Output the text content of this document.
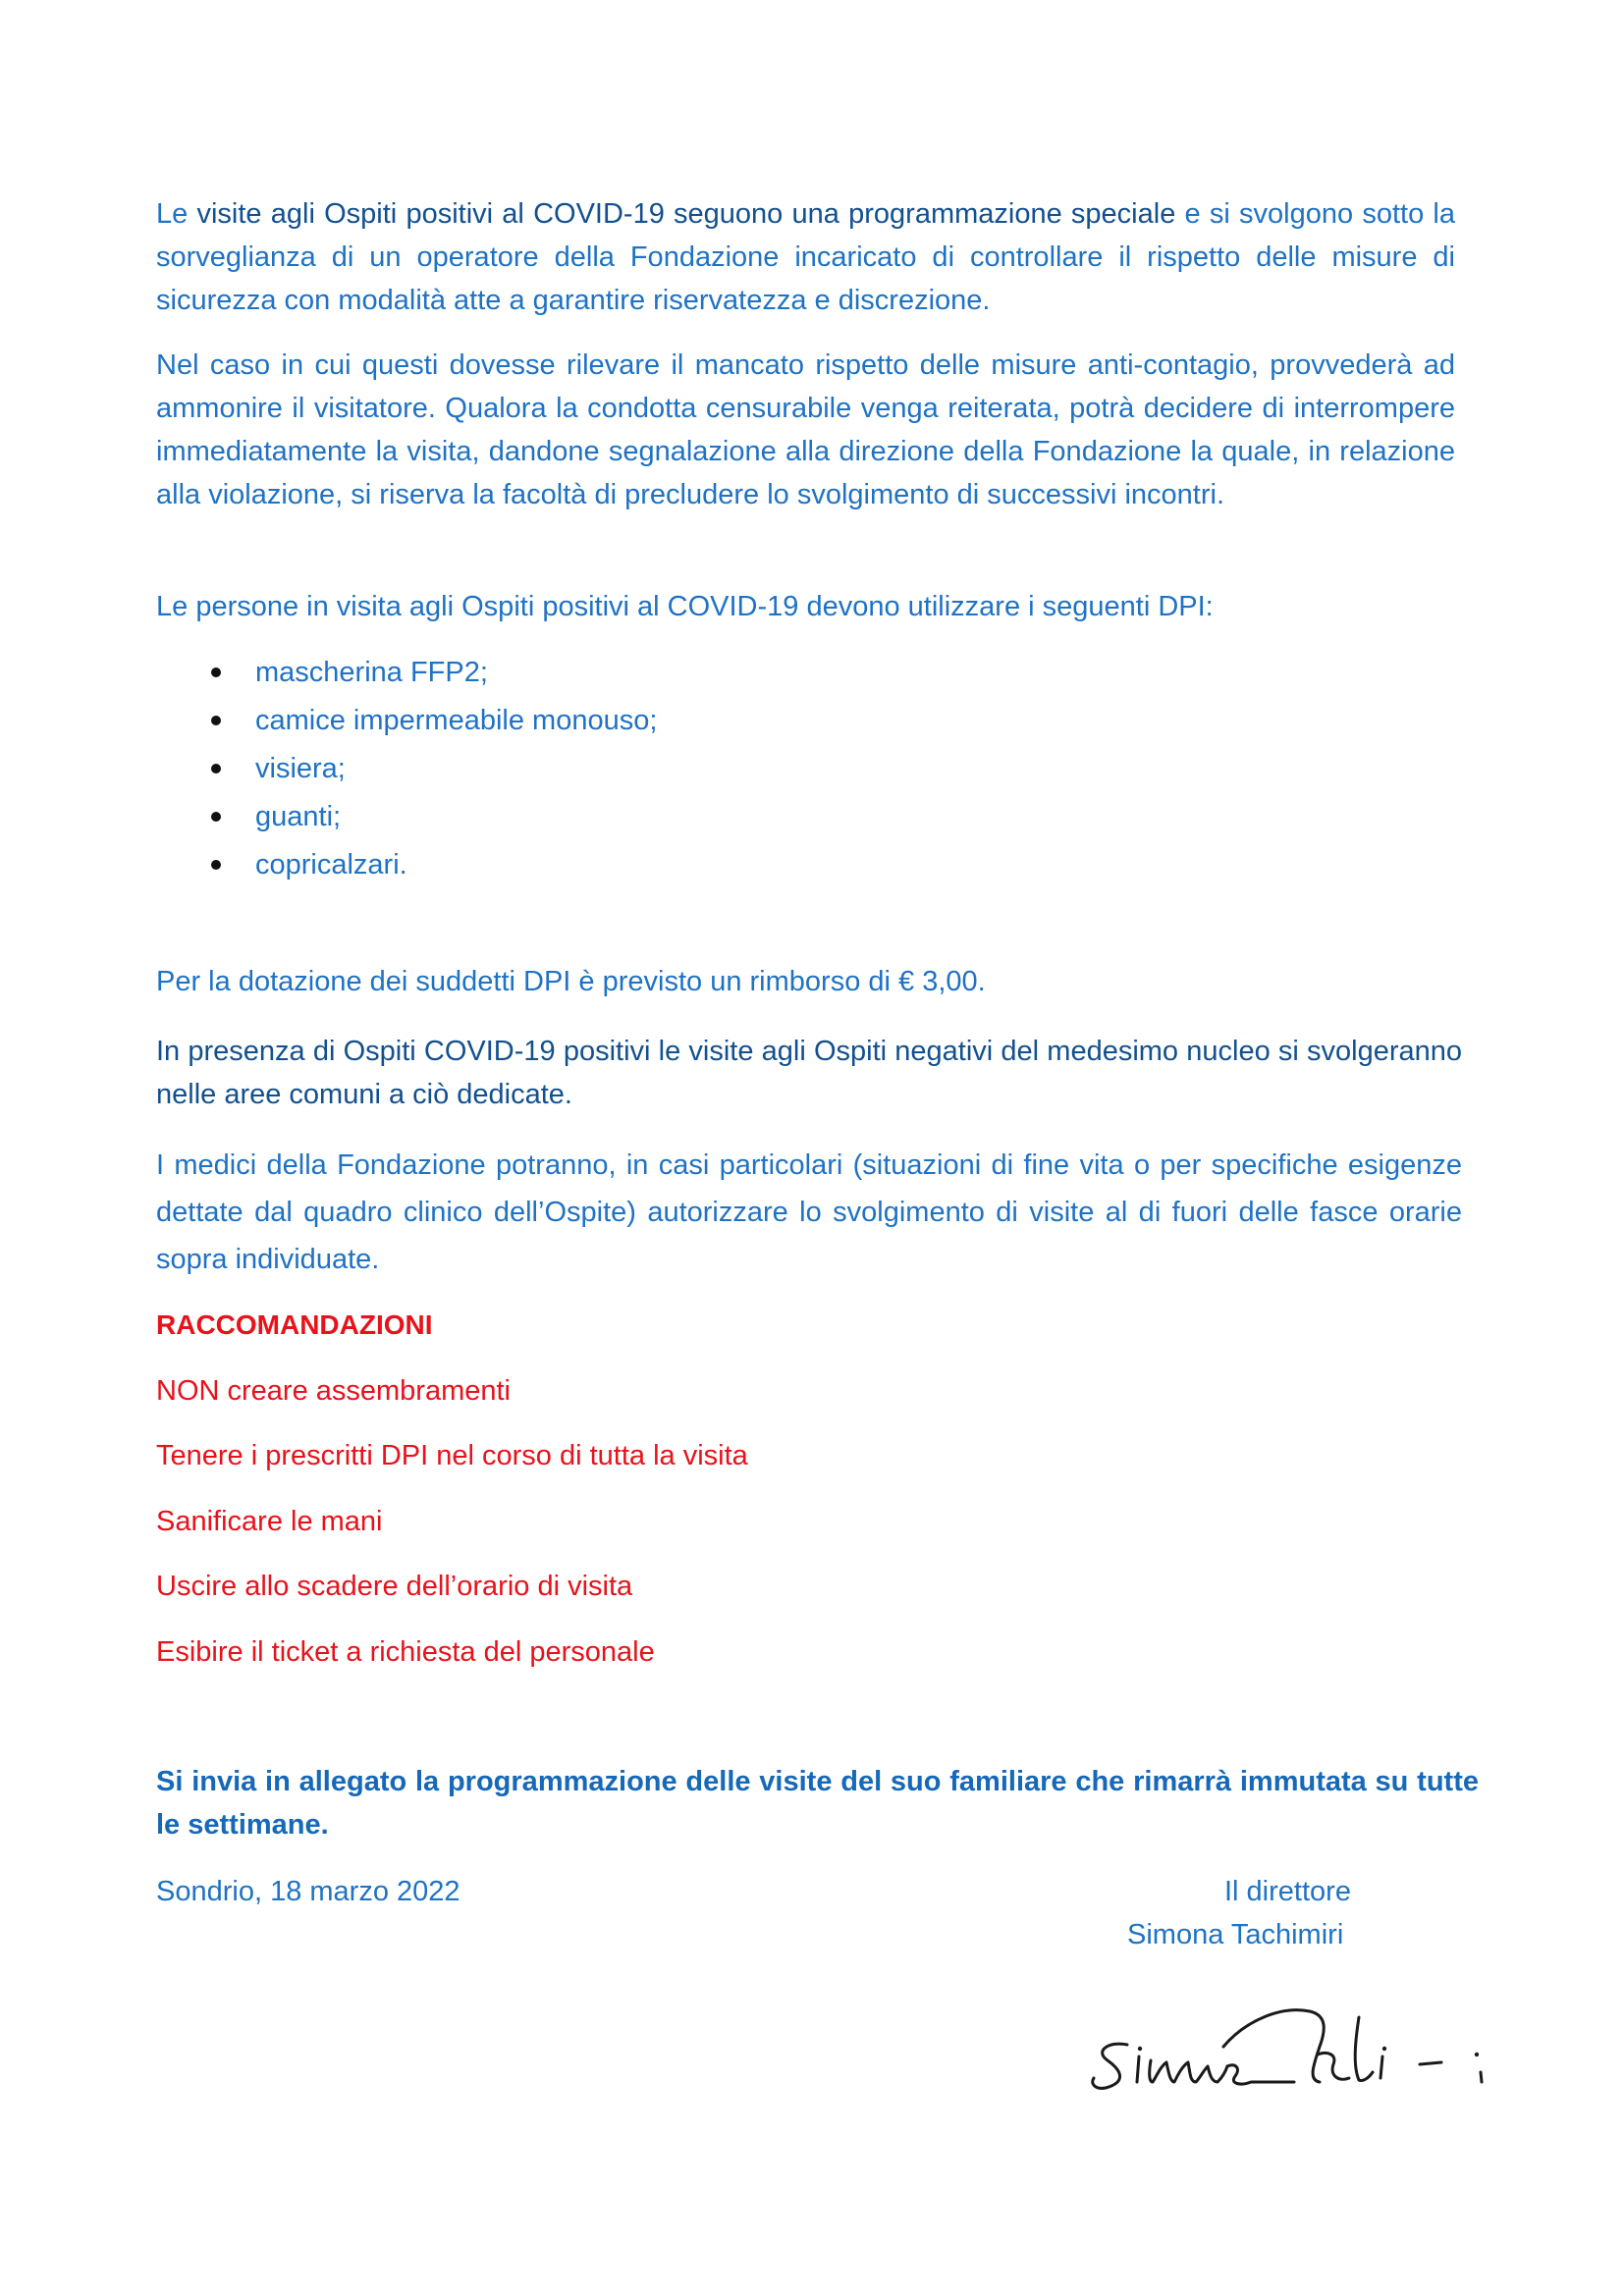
Le visite agli Ospiti positivi al COVID-19 seguono una programmazione speciale e si svolgono sotto la sorveglianza di un operatore della Fondazione incaricato di controllare il rispetto delle misure di sicurezza con modalità atte a garantire riservatezza e discrezione.

Nel caso in cui questi dovesse rilevare il mancato rispetto delle misure anti-contagio, provvederà ad ammonire il visitatore. Qualora la condotta censurabile venga reiterata, potrà decidere di interrompere immediatamente la visita, dandone segnalazione alla direzione della Fondazione la quale, in relazione alla violazione, si riserva la facoltà di precludere lo svolgimento di successivi incontri.

Le persone in visita agli Ospiti positivi al COVID-19 devono utilizzare i seguenti DPI:

mascherina FFP2;
camice impermeabile monouso;
visiera;
guanti;
copricalzari.

Per la dotazione dei suddetti DPI è previsto un rimborso di € 3,00.

In presenza di Ospiti COVID-19 positivi le visite agli Ospiti negativi del medesimo nucleo si svolgeranno nelle aree comuni a ciò dedicate.

I medici della Fondazione potranno, in casi particolari (situazioni di fine vita o per specifiche esigenze dettate dal quadro clinico dell’Ospite) autorizzare lo svolgimento di visite al di fuori delle fasce orarie sopra individuate.

RACCOMANDAZIONI

NON creare assembramenti

Tenere i prescritti DPI nel corso di tutta la visita

Sanificare le mani

Uscire allo scadere dell’orario di visita

Esibire il ticket a richiesta del personale

Si invia in allegato la programmazione delle visite del suo familiare che rimarrà immutata su tutte le settimane.

Sondrio, 18 marzo 2022	Il direttore

Simona Tachimiri
